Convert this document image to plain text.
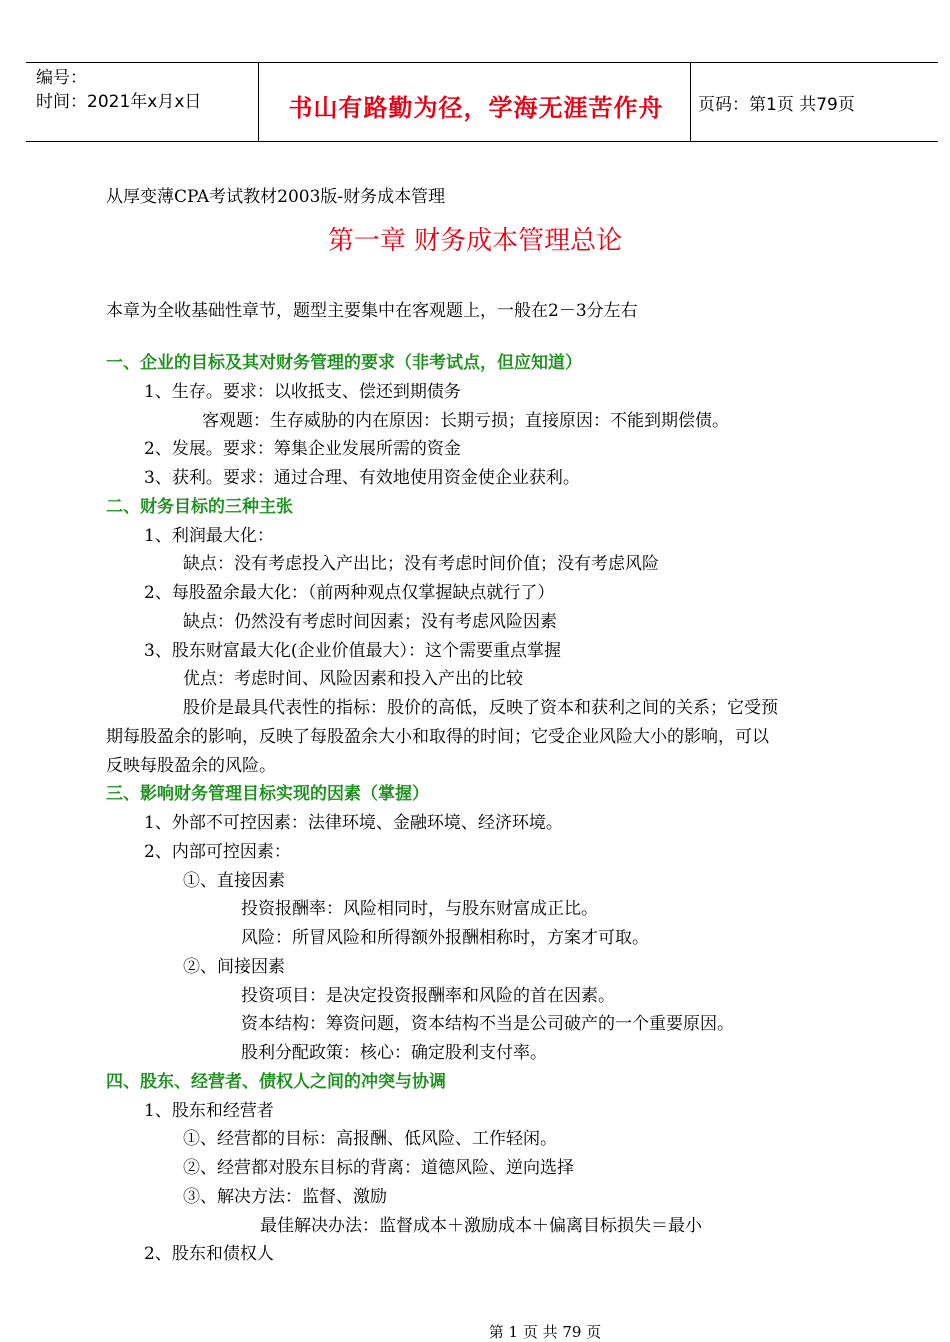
编号：
时间：2021年x月x日	书山有路勤为径，学海无涯苦作舟	页码：第1页 共79页
从厚变薄CPA考试教材2003版-财务成本管理
第一章 财务成本管理总论
本章为全收基础性章节，题型主要集中在客观题上，一般在2－3分左右
一、企业的目标及其对财务管理的要求（非考试点，但应知道）
1、生存。要求：以收抵支、偿还到期债务
客观题：生存威胁的内在原因：长期亏损；直接原因：不能到期偿债。
2、发展。要求：筹集企业发展所需的资金
3、获利。要求：通过合理、有效地使用资金使企业获利。
二、财务目标的三种主张
1、利润最大化：
缺点：没有考虑投入产出比；没有考虑时间价值；没有考虑风险
2、每股盈余最大化：（前两种观点仅掌握缺点就行了）
缺点：仍然没有考虑时间因素；没有考虑风险因素
3、股东财富最大化(企业价值最大）：这个需要重点掌握
优点：考虑时间、风险因素和投入产出的比较
股价是最具代表性的指标：股价的高低，反映了资本和获利之间的关系；它受预
期每股盈余的影响，反映了每股盈余大小和取得的时间；它受企业风险大小的影响，可以
反映每股盈余的风险。
三、影响财务管理目标实现的因素（掌握）
1、外部不可控因素：法律环境、金融环境、经济环境。
2、内部可控因素：
①、直接因素
投资报酬率：风险相同时，与股东财富成正比。
风险：所冒风险和所得额外报酬相称时，方案才可取。
②、间接因素
投资项目：是决定投资报酬率和风险的首在因素。
资本结构：筹资问题，资本结构不当是公司破产的一个重要原因。
股利分配政策：核心：确定股利支付率。
四、股东、经营者、债权人之间的冲突与协调
1、股东和经营者
①、经营都的目标：高报酬、低风险、工作轻闲。
②、经营都对股东目标的背离：道德风险、逆向选择
③、解决方法：监督、激励
最佳解决办法：监督成本＋激励成本＋偏离目标损失＝最小
2、股东和债权人
第 1 页 共 79 页
